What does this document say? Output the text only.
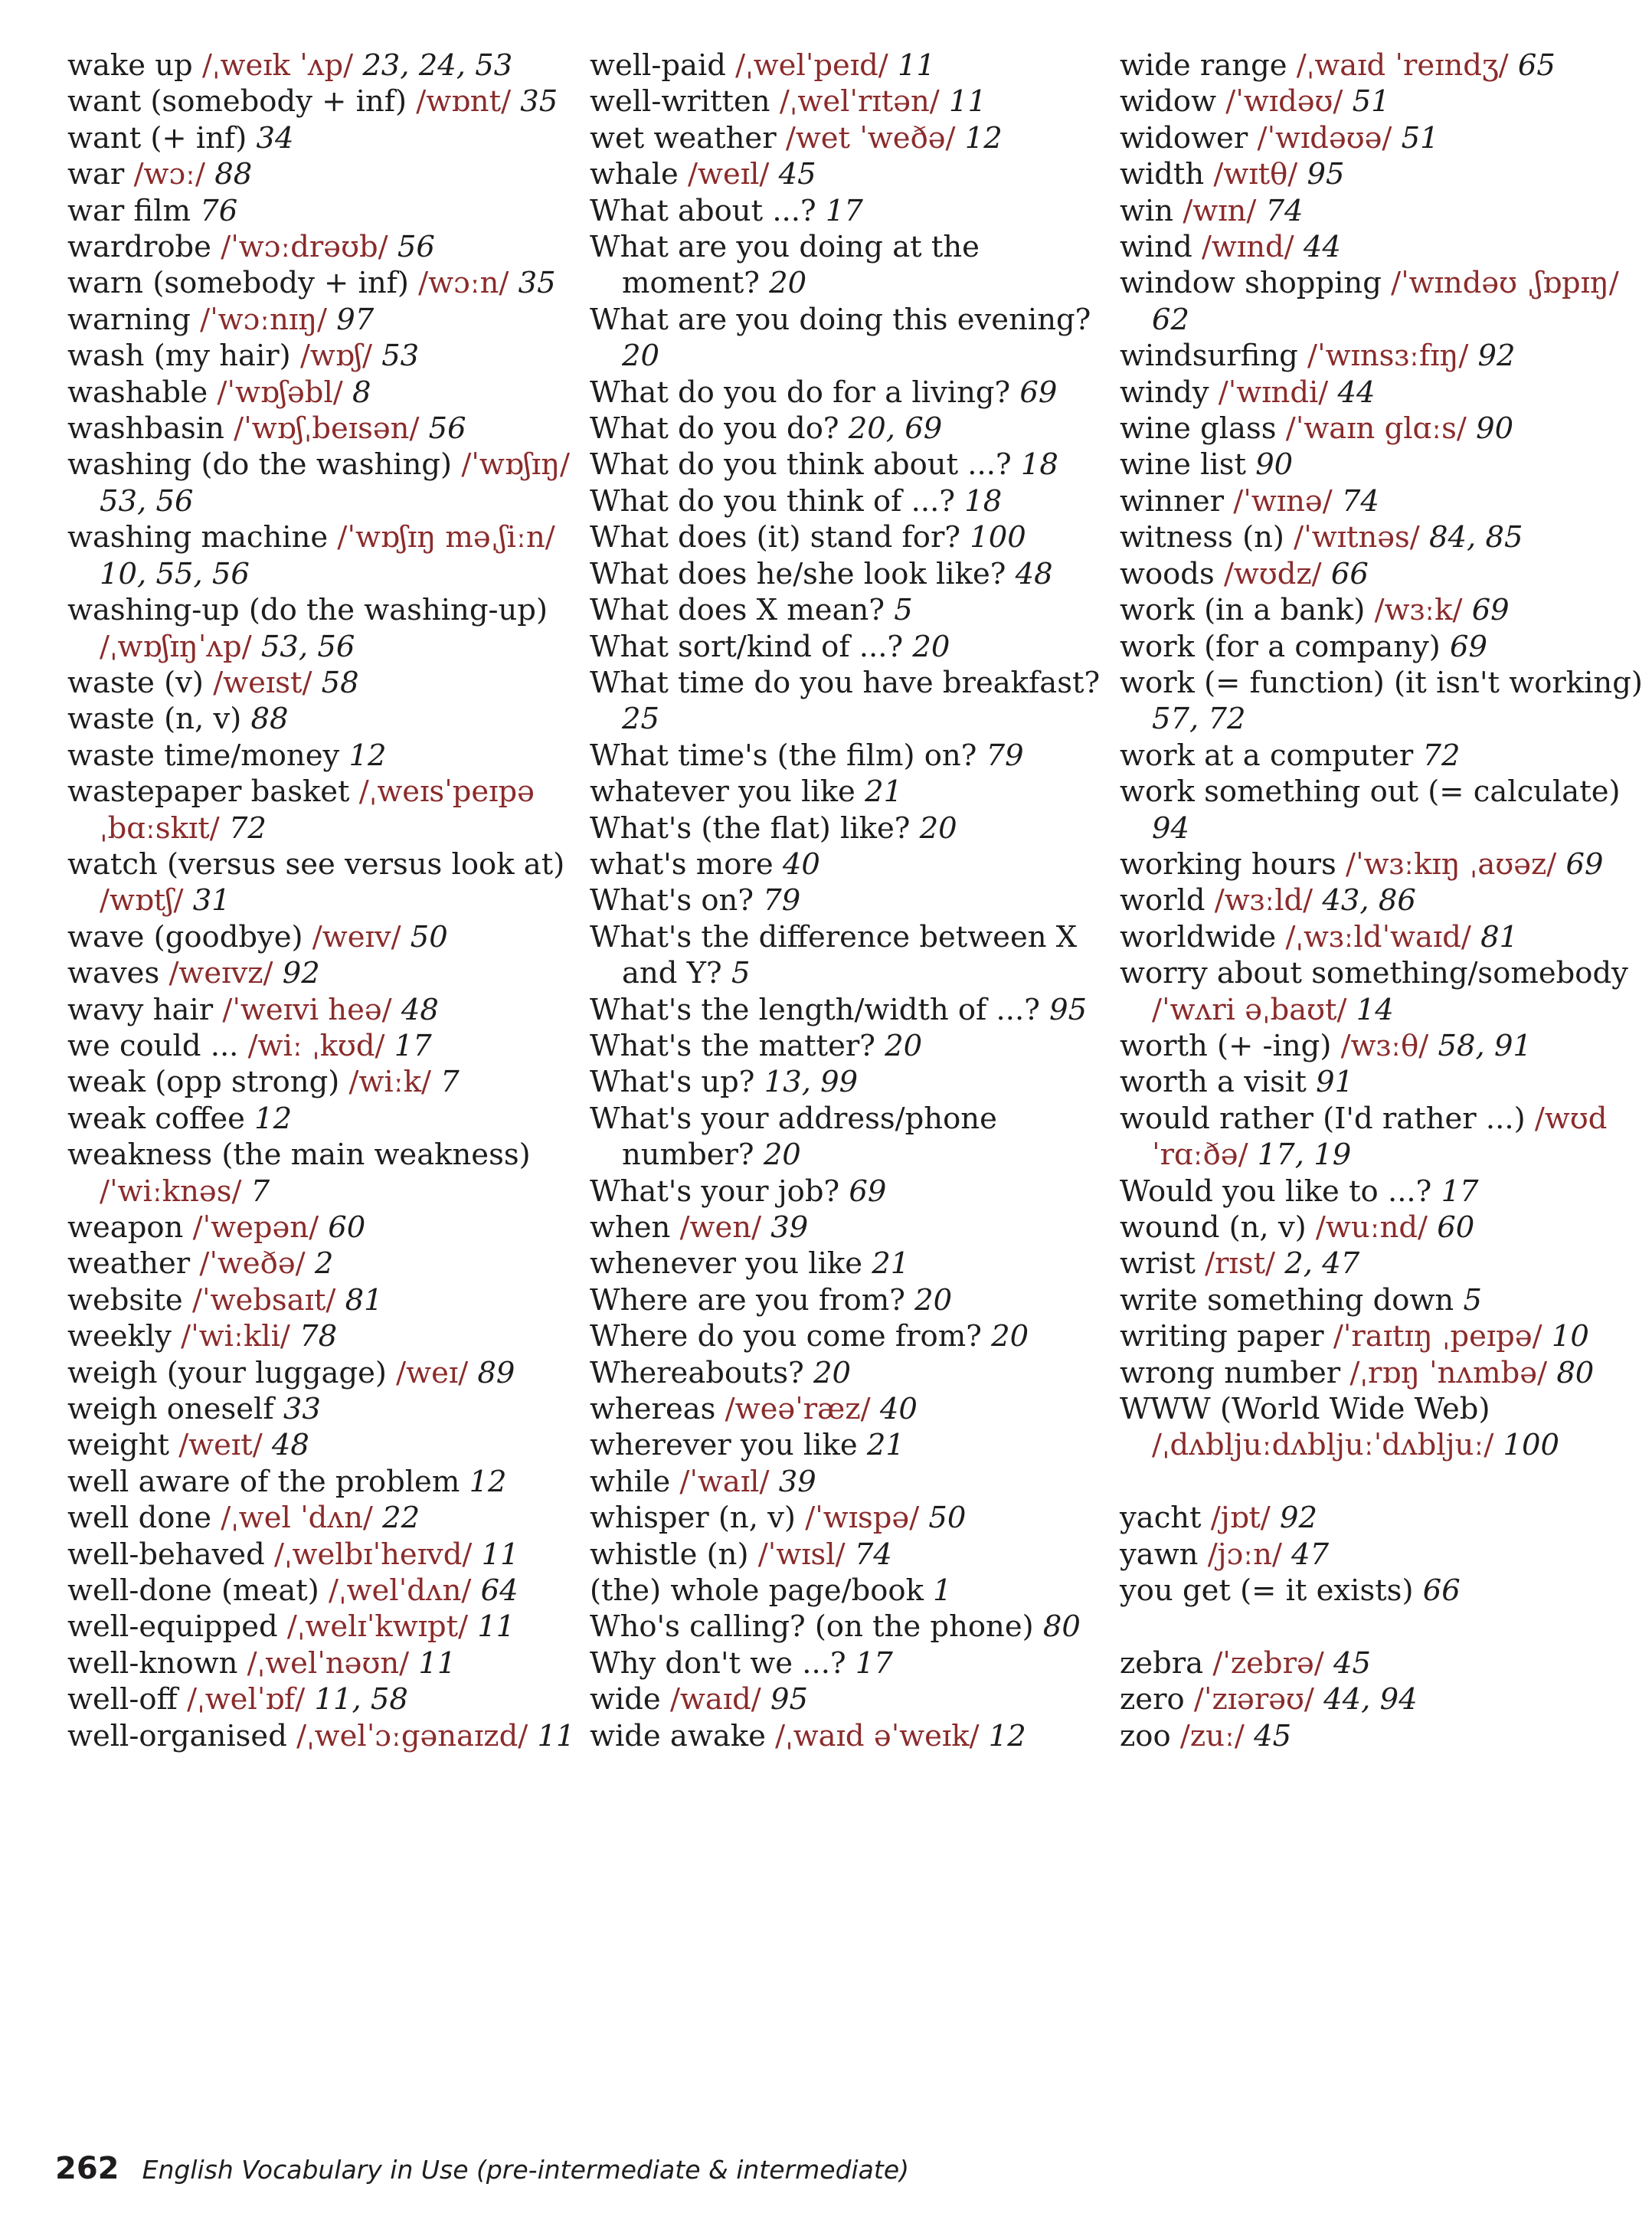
wake up /ˌweɪk ˈʌp/ 23, 24, 53
want (somebody + inf) /wɒnt/ 35
want (+ inf) 34
war /wɔː/ 88
war film 76
wardrobe /ˈwɔːdrəʊb/ 56
warn (somebody + inf) /wɔːn/ 35
warning /ˈwɔːnɪŋ/ 97
wash (my hair) /wɒʃ/ 53
washable /ˈwɒʃəbl/ 8
washbasin /ˈwɒʃˌbeɪsən/ 56
washing (do the washing) /ˈwɒʃɪŋ/
53, 56
washing machine /ˈwɒʃɪŋ məˌʃiːn/
10, 55, 56
washing-up (do the washing-up)
/ˌwɒʃɪŋˈʌp/ 53, 56
waste (v) /weɪst/ 58
waste (n, v) 88
waste time/money 12
wastepaper basket /ˌweɪsˈpeɪpə
ˌbɑːskɪt/ 72
watch (versus see versus look at)
/wɒtʃ/ 31
wave (goodbye) /weɪv/ 50
waves /weɪvz/ 92
wavy hair /ˈweɪvi heə/ 48
we could ... /wiː ˌkʊd/ 17
weak (opp strong) /wiːk/ 7
weak coffee 12
weakness (the main weakness)
/ˈwiːknəs/ 7
weapon /ˈwepən/ 60
weather /ˈweðə/ 2
website /ˈwebsaɪt/ 81
weekly /ˈwiːkli/ 78
weigh (your luggage) /weɪ/ 89
weigh oneself 33
weight /weɪt/ 48
well aware of the problem 12
well done /ˌwel ˈdʌn/ 22
well-behaved /ˌwelbɪˈheɪvd/ 11
well-done (meat) /ˌwelˈdʌn/ 64
well-equipped /ˌwelɪˈkwɪpt/ 11
well-known /ˌwelˈnəʊn/ 11
well-off /ˌwelˈɒf/ 11, 58
well-organised /ˌwelˈɔːgənaɪzd/ 11
well-paid /ˌwelˈpeɪd/ 11
well-written /ˌwelˈrɪtən/ 11
wet weather /wet ˈweðə/ 12
whale /weɪl/ 45
What about ...? 17
What are you doing at the
moment? 20
What are you doing this evening?
20
What do you do for a living? 69
What do you do? 20, 69
What do you think about ...? 18
What do you think of ...? 18
What does (it) stand for? 100
What does he/she look like? 48
What does X mean? 5
What sort/kind of ...? 20
What time do you have breakfast?
25
What time's (the film) on? 79
whatever you like 21
What's (the flat) like? 20
what's more 40
What's on? 79
What's the difference between X
and Y? 5
What's the length/width of ...? 95
What's the matter? 20
What's up? 13, 99
What's your address/phone
number? 20
What's your job? 69
when /wen/ 39
whenever you like 21
Where are you from? 20
Where do you come from? 20
Whereabouts? 20
whereas /weəˈræz/ 40
wherever you like 21
while /ˈwaɪl/ 39
whisper (n, v) /ˈwɪspə/ 50
whistle (n) /ˈwɪsl/ 74
(the) whole page/book 1
Who's calling? (on the phone) 80
Why don't we ...? 17
wide /waɪd/ 95
wide awake /ˌwaɪd əˈweɪk/ 12
wide range /ˌwaɪd ˈreɪndʒ/ 65
widow /ˈwɪdəʊ/ 51
widower /ˈwɪdəʊə/ 51
width /wɪtθ/ 95
win /wɪn/ 74
wind /wɪnd/ 44
window shopping /ˈwɪndəʊ ˌʃɒpɪŋ/
62
windsurfing /ˈwɪnsɜːfɪŋ/ 92
windy /ˈwɪndi/ 44
wine glass /ˈwaɪn glɑːs/ 90
wine list 90
winner /ˈwɪnə/ 74
witness (n) /ˈwɪtnəs/ 84, 85
woods /wʊdz/ 66
work (in a bank) /wɜːk/ 69
work (for a company) 69
work (= function) (it isn't working)
57, 72
work at a computer 72
work something out (= calculate)
94
working hours /ˈwɜːkɪŋ ˌaʊəz/ 69
world /wɜːld/ 43, 86
worldwide /ˌwɜːldˈwaɪd/ 81
worry about something/somebody
/ˈwʌri əˌbaʊt/ 14
worth (+ -ing) /wɜːθ/ 58, 91
worth a visit 91
would rather (I'd rather ...) /wʊd
ˈrɑːðə/ 17, 19
Would you like to ...? 17
wound (n, v) /wuːnd/ 60
wrist /rɪst/ 2, 47
write something down 5
writing paper /ˈraɪtɪŋ ˌpeɪpə/ 10
wrong number /ˌrɒŋ ˈnʌmbə/ 80
WWW (World Wide Web)
/ˌdʌbljuːdʌbljuːˈdʌbljuː/ 100
yacht /jɒt/ 92
yawn /jɔːn/ 47
you get (= it exists) 66
zebra /ˈzebrə/ 45
zero /ˈzɪərəʊ/ 44, 94
zoo /zuː/ 45
262 English Vocabulary in Use (pre-intermediate & intermediate)
